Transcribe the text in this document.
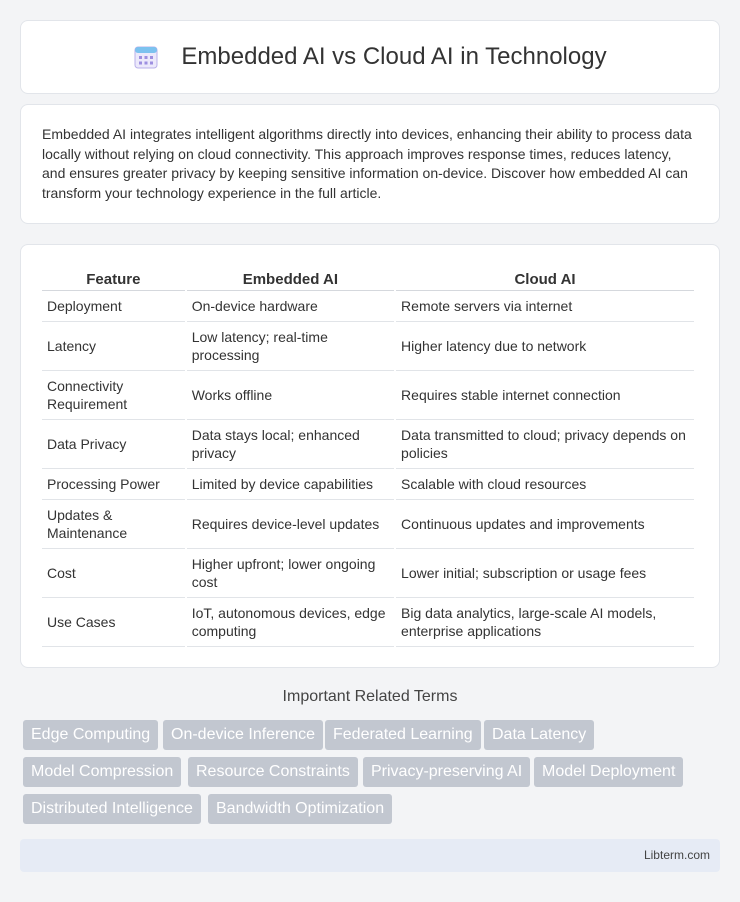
Embedded AI vs Cloud AI in Technology

Embedded AI integrates intelligent algorithms directly into devices, enhancing their ability to process data locally without relying on cloud connectivity. This approach improves response times, reduces latency, and ensures greater privacy by keeping sensitive information on-device. Discover how embedded AI can transform your technology experience in the full article.

Feature	Embedded AI	Cloud AI
Deployment	On-device hardware	Remote servers via internet
Latency	Low latency; real-time processing	Higher latency due to network
Connectivity Requirement	Works offline	Requires stable internet connection
Data Privacy	Data stays local; enhanced privacy	Data transmitted to cloud; privacy depends on policies
Processing Power	Limited by device capabilities	Scalable with cloud resources
Updates & Maintenance	Requires device-level updates	Continuous updates and improvements
Cost	Higher upfront; lower ongoing cost	Lower initial; subscription or usage fees
Use Cases	IoT, autonomous devices, edge computing	Big data analytics, large-scale AI models, enterprise applications
Important Related Terms
Edge Computing	On-device Inference	Federated Learning	Data Latency
Model Compression	Resource Constraints	Privacy-preserving AI	Model Deployment
Distributed Intelligence	Bandwidth Optimization
Libterm.com
